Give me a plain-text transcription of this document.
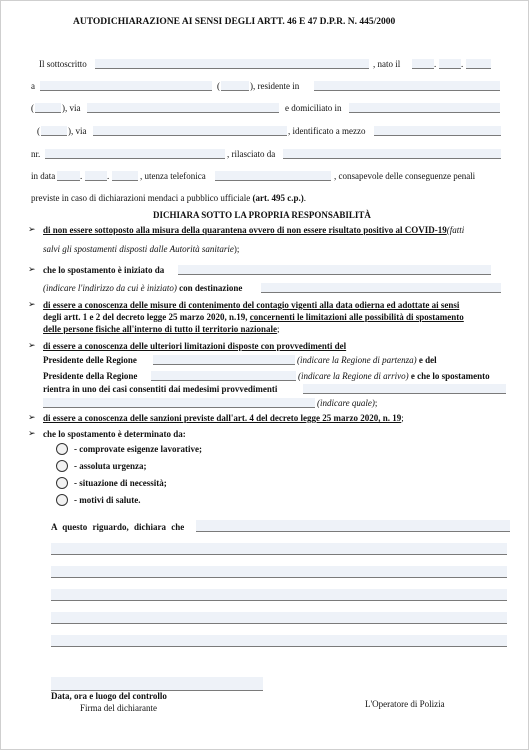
AUTODICHIARAZIONE AI SENSI DEGLI ARTT. 46 E 47 D.P.R. N. 445/2000
Il sottoscritto	, nato il	.	.
a	(	), residente in
(	), via	e domiciliato in
(	), via	, identificato a mezzo
nr.	, rilasciato da
in data	.	.	, utenza telefonica	, consapevole delle conseguenze penali
previste in caso di dichiarazioni mendaci a pubblico ufficiale (art. 495 c.p.).
DICHIARA SOTTO LA PROPRIA RESPONSABILITÀ
➢ di non essere sottoposto alla misura della quarantena ovvero di non essere risultato positivo al COVID-19(fatti
salvi gli spostamenti disposti dalle Autorità sanitarie);
➢ che lo spostamento è iniziato da
(indicare l'indirizzo da cui è iniziato) con destinazione
➢ di essere a conoscenza delle misure di contenimento del contagio vigenti alla data odierna ed adottate ai sensi
degli artt. 1 e 2 del decreto legge 25 marzo 2020, n.19, concernenti le limitazioni alle possibilità di spostamento
delle persone fisiche all'interno di tutto il territorio nazionale;
➢ di essere a conoscenza delle ulteriori limitazioni disposte con provvedimenti del
Presidente delle Regione	(indicare la Regione di partenza) e del
Presidente della Regione	(indicare la Regione di arrivo) e che lo spostamento
rientra in uno dei casi consentiti dai medesimi provvedimenti
(indicare quale);
➢ di essere a conoscenza delle sanzioni previste dall'art. 4 del decreto legge 25 marzo 2020, n. 19;
➢ che lo spostamento è determinato da:
- comprovate esigenze lavorative;
- assoluta urgenza;
- situazione di necessità;
- motivi di salute.
A questo riguardo, dichiara che
Data, ora e luogo del controllo
Firma del dichiarante	L'Operatore di Polizia
